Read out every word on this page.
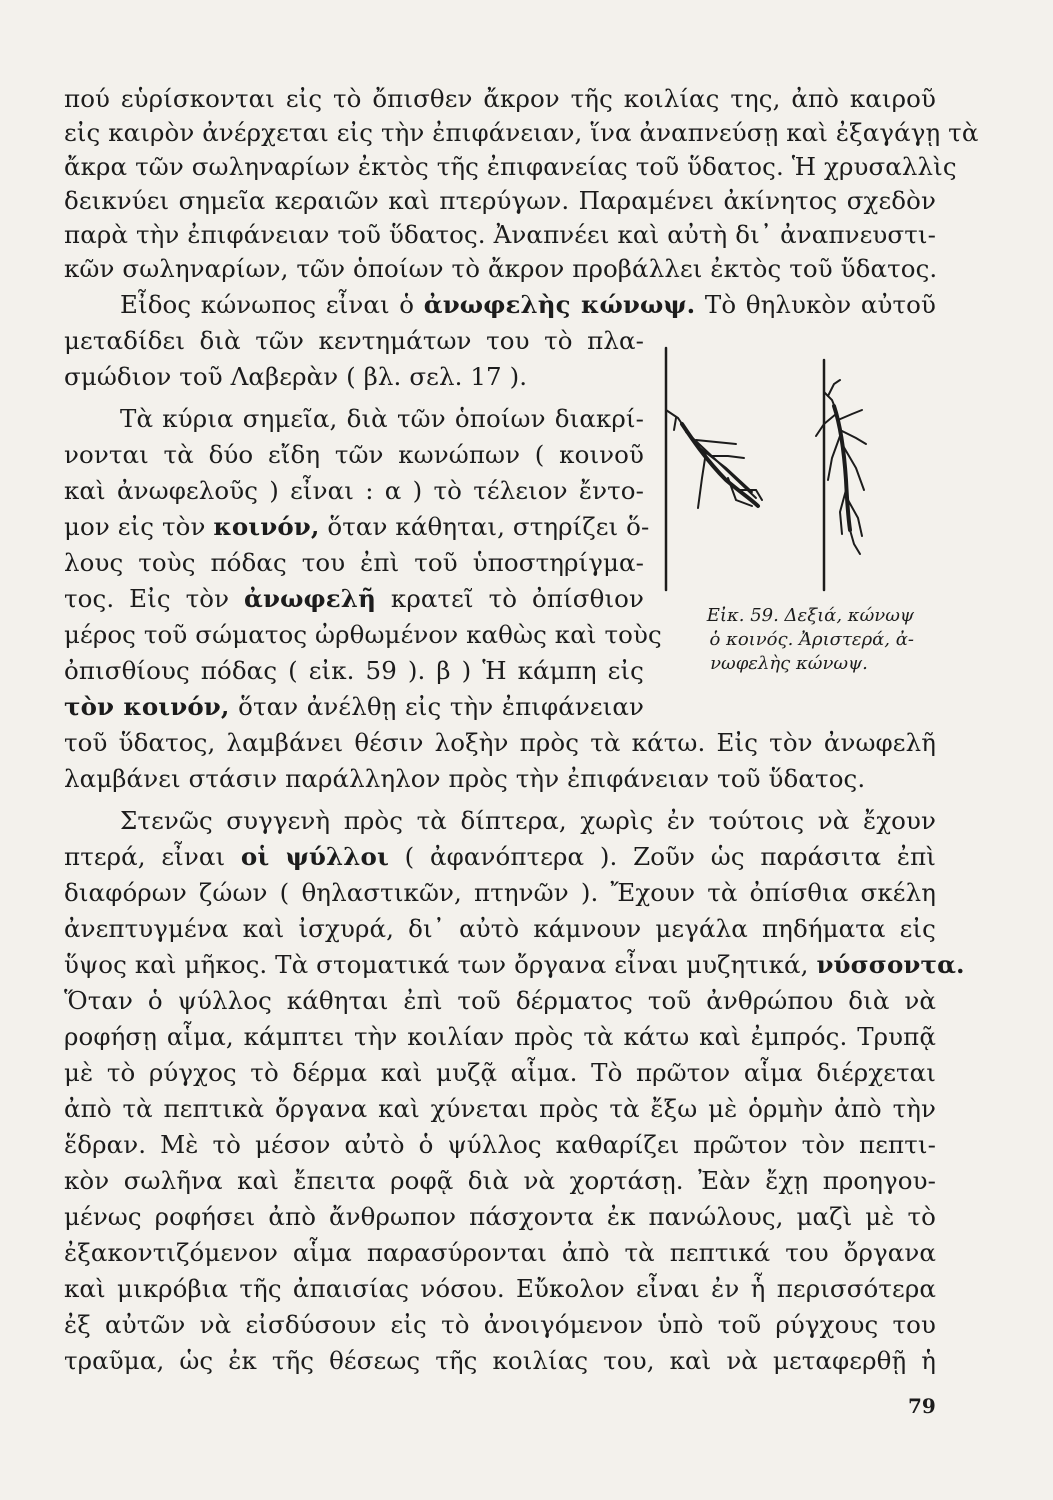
πού εὑρίσκονται εἰς τὸ ὄπισθεν ἄκρον τῆς κοιλίας της, ἀπὸ καιροῦ
εἰς καιρὸν ἀνέρχεται εἰς τὴν ἐπιφάνειαν, ἵνα ἀναπνεύσῃ καὶ ἐξαγάγῃ τὰ
ἄκρα τῶν σωληναρίων ἐκτὸς τῆς ἐπιφανείας τοῦ ὕδατος. Ἡ χρυσαλλὶς
δεικνύει σημεῖα κεραιῶν καὶ πτερύγων. Παραμένει ἀκίνητος σχεδὸν
παρὰ τὴν ἐπιφάνειαν τοῦ ὕδατος. Ἀναπνέει καὶ αὐτὴ δι᾿ ἀναπνευστι-
κῶν σωληναρίων, τῶν ὁποίων τὸ ἄκρον προβάλλει ἐκτὸς τοῦ ὕδατος.
Εἶδος κώνωπος εἶναι ὁ ἀνωφελὴς κώνωψ. Τὸ θηλυκὸν αὐτοῦ
μεταδίδει διὰ τῶν κεντημάτων του τὸ πλα-
σμώδιον τοῦ Λαβερὰν ( βλ. σελ. 17 ).
Τὰ κύρια σημεῖα, διὰ τῶν ὁποίων διακρί-
νονται τὰ δύο εἴδη τῶν κωνώπων ( κοινοῦ
καὶ ἀνωφελοῦς ) εἶναι : α ) τὸ τέλειον ἔντο-
μον εἰς τὸν κοινόν, ὅταν κάθηται, στηρίζει ὅ-
λους τοὺς πόδας του ἐπὶ τοῦ ὑποστηρίγμα-
τος. Εἰς τὸν ἀνωφελῆ κρατεῖ τὸ ὀπίσθιον
μέρος τοῦ σώματος ὠρθωμένον καθὼς καὶ τοὺς
ὀπισθίους πόδας ( εἰκ. 59 ). β ) Ἡ κάμπη εἰς
τὸν κοινόν, ὅταν ἀνέλθῃ εἰς τὴν ἐπιφάνειαν
τοῦ ὕδατος, λαμβάνει θέσιν λοξὴν πρὸς τὰ κάτω. Εἰς τὸν ἀνωφελῆ
λαμβάνει στάσιν παράλληλον πρὸς τὴν ἐπιφάνειαν τοῦ ὕδατος.
Στενῶς συγγενὴ πρὸς τὰ δίπτερα, χωρὶς ἐν τούτοις νὰ ἔχουν
πτερά, εἶναι οἱ ψύλλοι ( ἀφανόπτερα ). Ζοῦν ὡς παράσιτα ἐπὶ
διαφόρων ζώων ( θηλαστικῶν, πτηνῶν ). Ἔχουν τὰ ὀπίσθια σκέλη
ἀνεπτυγμένα καὶ ἰσχυρά, δι᾿ αὐτὸ κάμνουν μεγάλα πηδήματα εἰς
ὕψος καὶ μῆκος. Τὰ στοματικά των ὄργανα εἶναι μυζητικά, νύσσοντα.
Ὅταν ὁ ψύλλος κάθηται ἐπὶ τοῦ δέρματος τοῦ ἀνθρώπου διὰ νὰ
ροφήσῃ αἷμα, κάμπτει τὴν κοιλίαν πρὸς τὰ κάτω καὶ ἐμπρός. Τρυπᾷ
μὲ τὸ ρύγχος τὸ δέρμα καὶ μυζᾷ αἷμα. Τὸ πρῶτον αἷμα διέρχεται
ἀπὸ τὰ πεπτικὰ ὄργανα καὶ χύνεται πρὸς τὰ ἔξω μὲ ὁρμὴν ἀπὸ τὴν
ἕδραν. Μὲ τὸ μέσον αὐτὸ ὁ ψύλλος καθαρίζει πρῶτον τὸν πεπτι-
κὸν σωλῆνα καὶ ἔπειτα ροφᾷ διὰ νὰ χορτάσῃ. Ἐὰν ἔχῃ προηγου-
μένως ροφήσει ἀπὸ ἄνθρωπον πάσχοντα ἐκ πανώλους, μαζὶ μὲ τὸ
ἐξακοντιζόμενον αἷμα παρασύρονται ἀπὸ τὰ πεπτικά του ὄργανα
καὶ μικρόβια τῆς ἀπαισίας νόσου. Εὔκολον εἶναι ἐν ἧ περισσότερα
ἐξ αὐτῶν νὰ εἰσδύσουν εἰς τὸ ἀνοιγόμενον ὑπὸ τοῦ ρύγχους του
τραῦμα, ὡς ἐκ τῆς θέσεως τῆς κοιλίας του, καὶ νὰ μεταφερθῇ ἡ
Εἰκ. 59. Δεξιά, κώνωψ
ὁ κοινός. Ἀριστερά, ἀ-
νωφελὴς κώνωψ.
79
